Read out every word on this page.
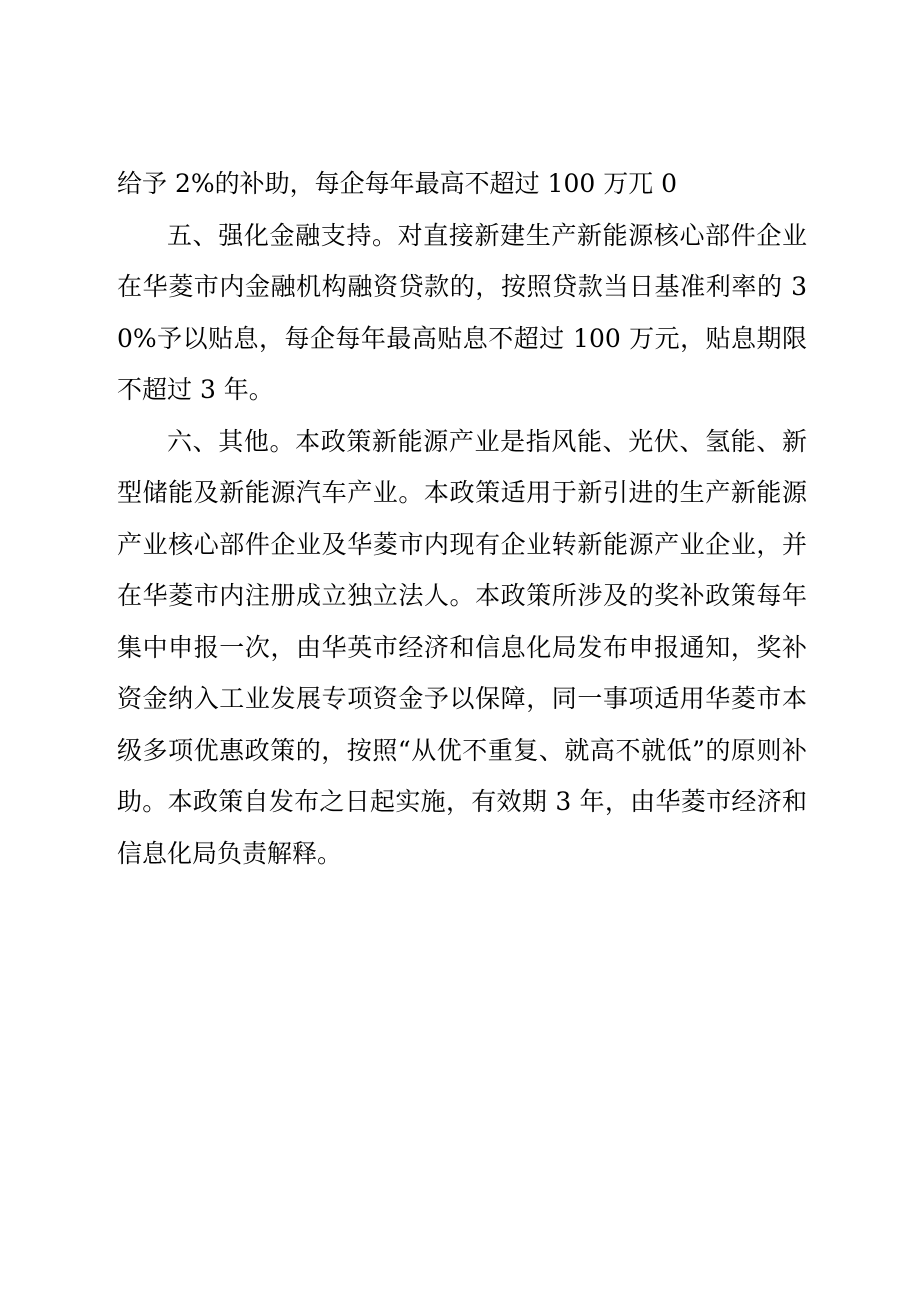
给予 2%的补助，每企每年最高不超过 100 万兀 0

五、强化金融支持。对直接新建生产新能源核心部件企业在华菱市内金融机构融资贷款的，按照贷款当日基准利率的 30%予以贴息，每企每年最高贴息不超过 100 万元，贴息期限不超过 3 年。

六、其他。本政策新能源产业是指风能、光伏、氢能、新型储能及新能源汽车产业。本政策适用于新引进的生产新能源产业核心部件企业及华菱市内现有企业转新能源产业企业，并在华菱市内注册成立独立法人。本政策所涉及的奖补政策每年集中申报一次，由华英市经济和信息化局发布申报通知，奖补资金纳入工业发展专项资金予以保障，同一事项适用华菱市本级多项优惠政策的，按照“从优不重复、就高不就低”的原则补助。本政策自发布之日起实施，有效期 3 年，由华菱市经济和信息化局负责解释。
